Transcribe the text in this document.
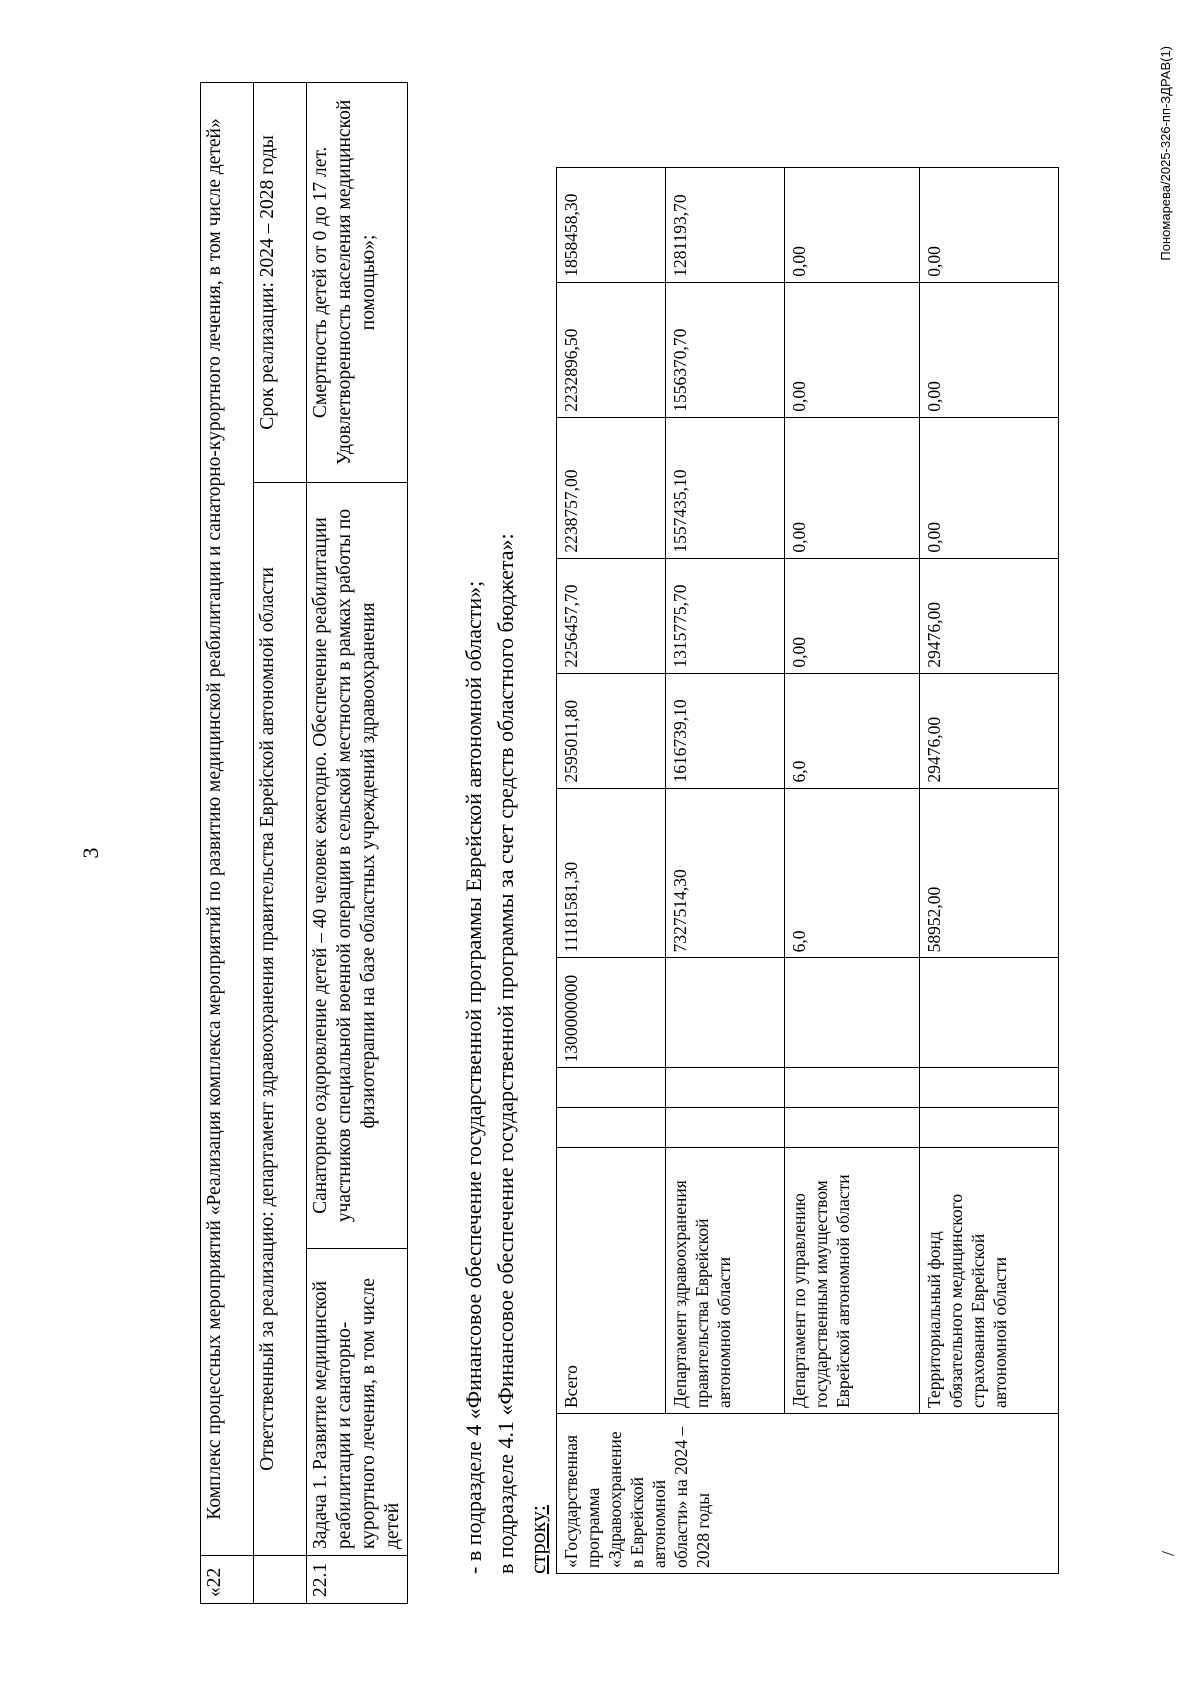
3
«22	Комплекс процессных мероприятий «Реализация комплекса мероприятий по развитию медицинской реабилитации и санаторно-курортного лечения, в том числе детей»		
	Ответственный за реализацию: департамент здравоохранения правительства Еврейской автономной области		Срок реализации: 2024 – 2028 годы
22.1	Задача 1. Развитие медицинской реабилитации и санаторно-курортного лечения, в том числе детей	Санаторное оздоровление детей – 40 человек ежегодно. Обеспечение реабилитации участников специальной военной операции в сельской местности в рамках работы по физиотерапии на базе областных учреждений здравоохранения	Смертность детей от 0 до 17 лет. Удовлетворенность населения медицинской помощью»;
- в подразделе 4 «Финансовое обеспечение государственной программы Еврейской автономной области»; в подразделе 4.1 «Финансовое обеспечение государственной программы за счет средств областного бюджета»: строку: «Государственная программа «Здравоохранение в Еврейской автономной области» на 2024 – 2028 годы	Всего			1300000000	11181581,30	2595011,80	2256457,70	2238757,00	2232896,50	1858458,30
	Департамент здравоохранения правительства Еврейской автономной области				7327514,30	1616739,10	1315775,70	1557435,10	1556370,70	1281193,70
	Департамент по управлению государственным имуществом Еврейской автономной области				6,0	6,0	0,00	0,00	0,00	0,00
	Территориальный фонд обязательного медицинского страхования Еврейской автономной области				58952,00	29476,00	29476,00	0,00	0,00	0,00
Пономарева/2025-326-пп-ЗДРАВ(1)
/
